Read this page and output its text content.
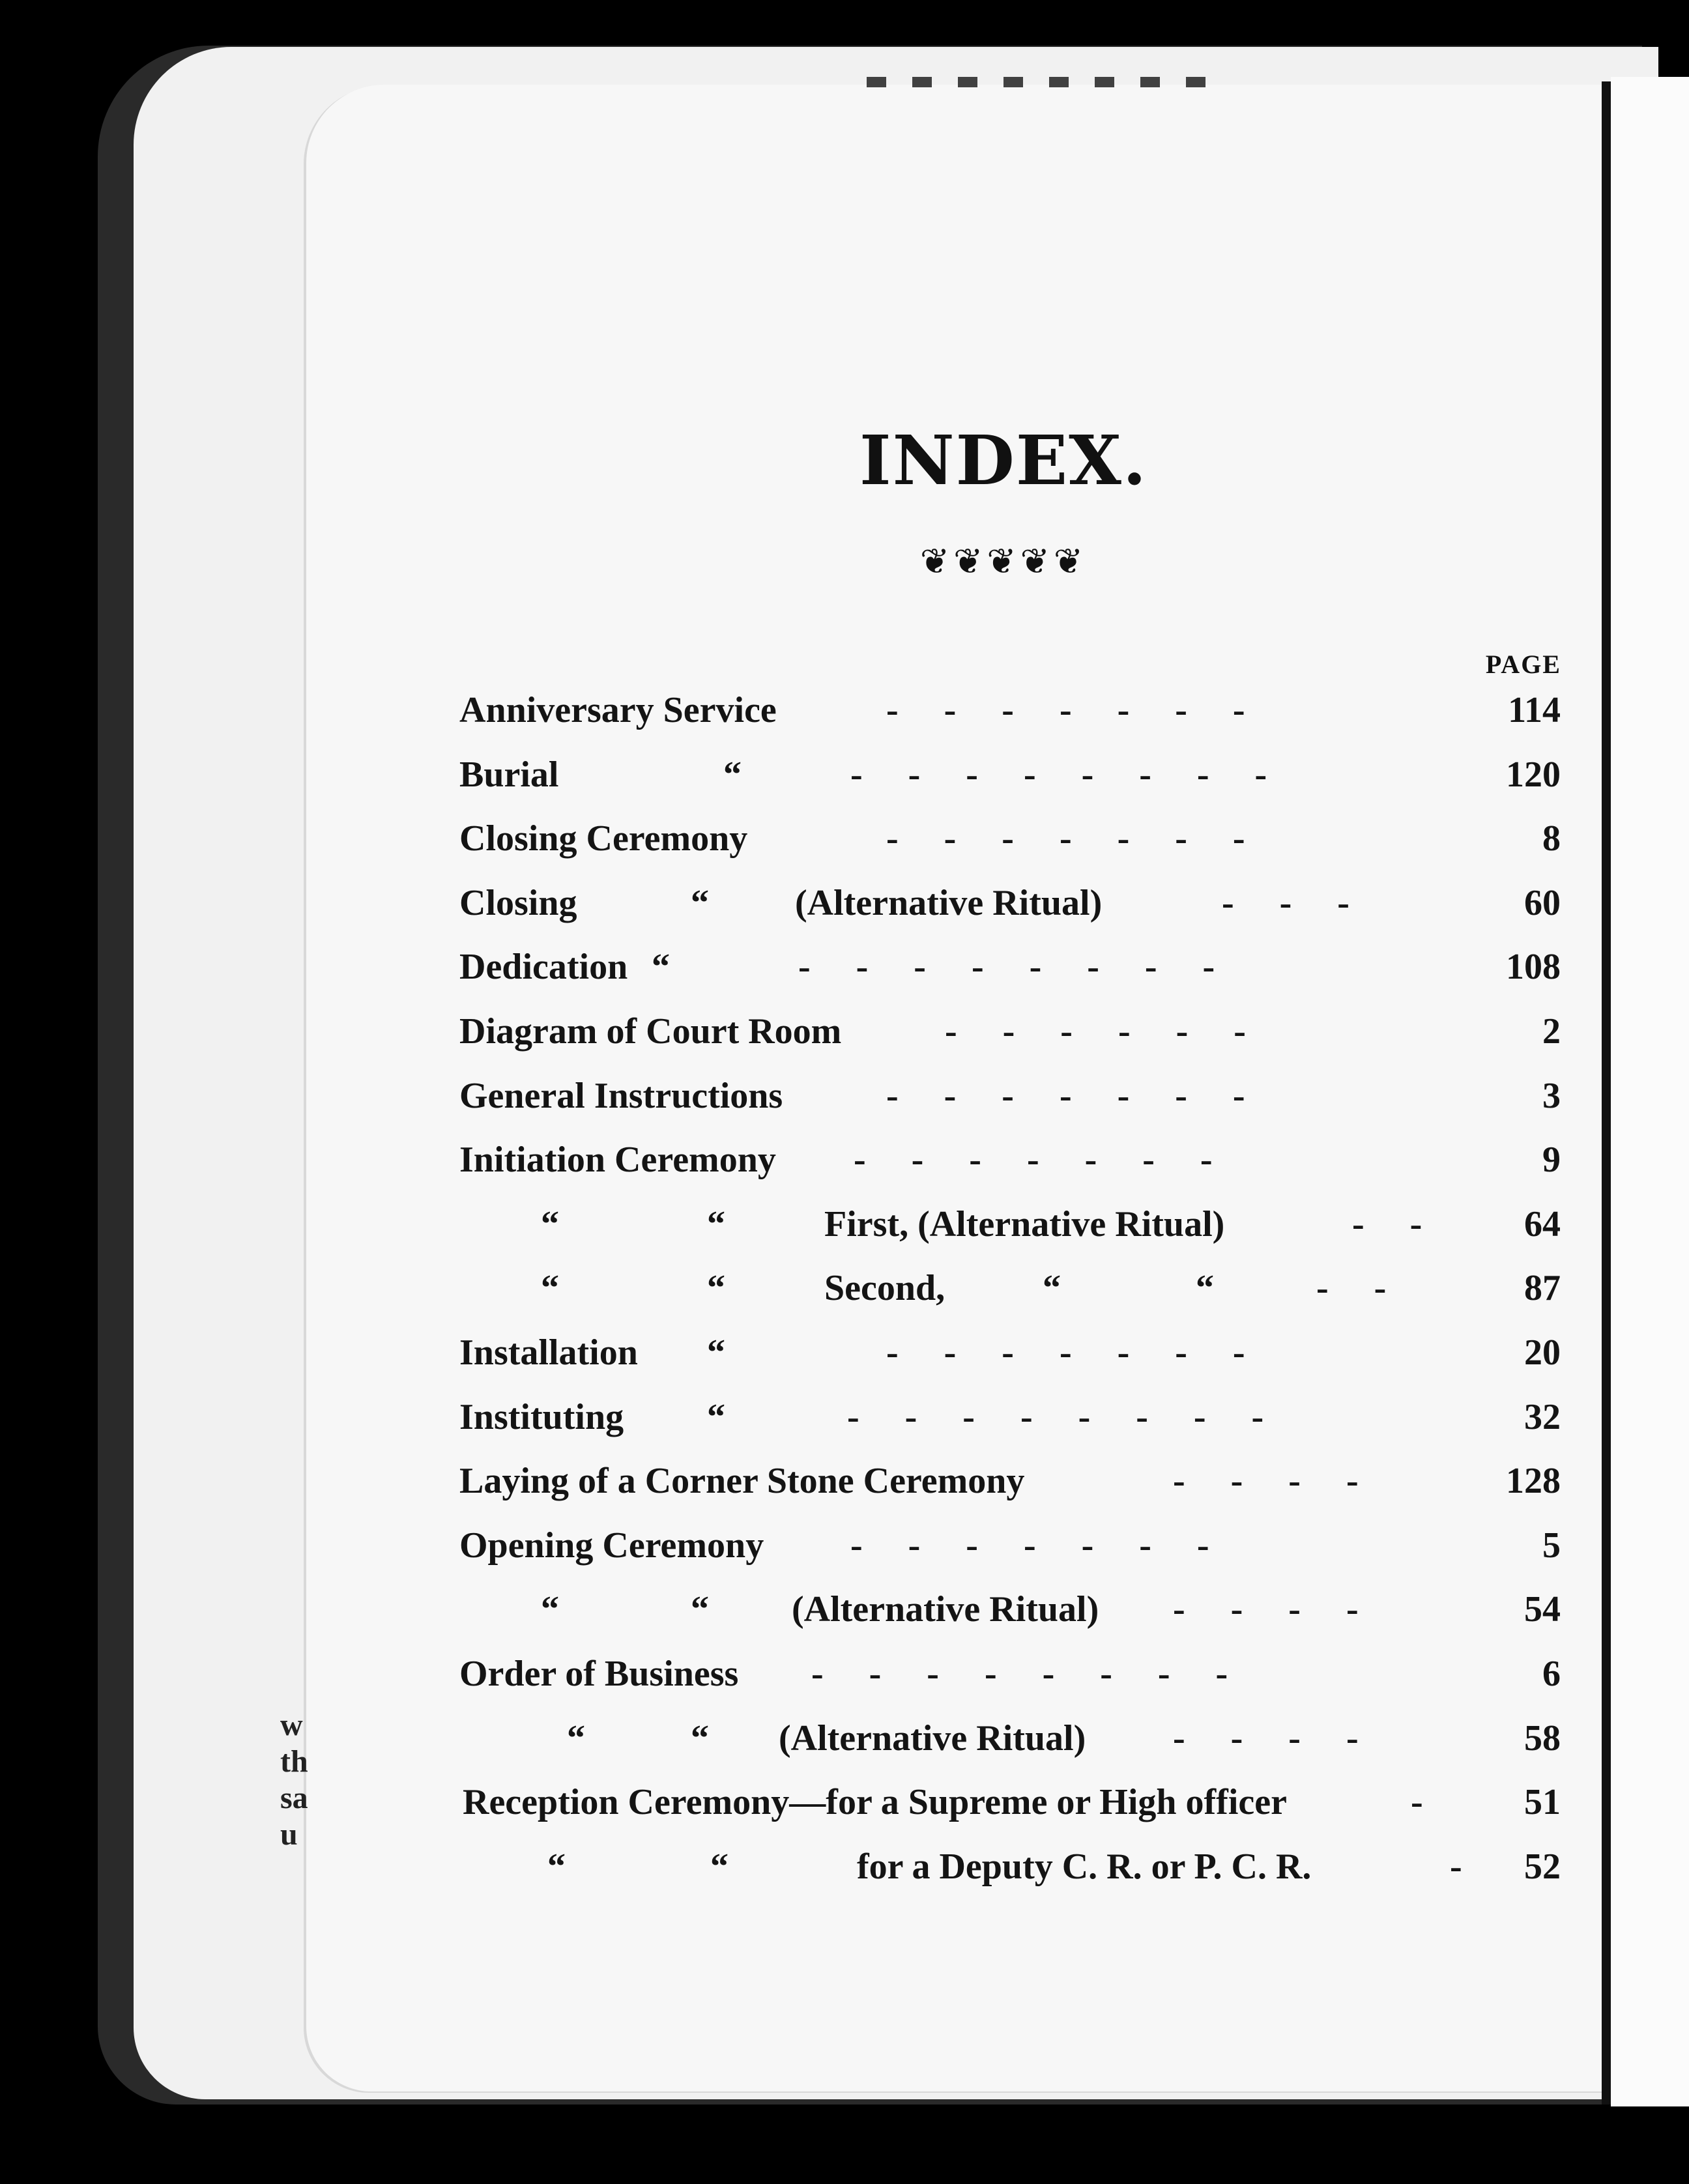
w
th
sa
u
INDEX.
❦❦❦❦❦
PAGE
Anniversary Service	-     -     -     -     -     -     -	114
Burial	“	-     -     -     -     -     -     -     -	120
Closing Ceremony	-     -     -     -     -     -     -	8
Closing	“ (Alternative Ritual)	-     -     -	60
Dedication “	-     -     -     -     -     -     -     -	108
Diagram of Court Room	-     -     -     -     -     -	2
General Instructions	-     -     -     -     -     -     -	3
Initiation Ceremony -     -     -     -     -     -     -	9
“	“	First, (Alternative Ritual)	-     -	64
“	“	Second,	“	“	-     -	87
Installation “	-     -     -     -     -     -     -	20
Instituting “	-     -     -     -     -     -     -     -	32
Laying of a Corner Stone Ceremony	-     -     -     -	128
Opening Ceremony -     -     -     -     -     -     -	5
“	“ (Alternative Ritual) -     -     -     -	54
Order of Business -     -     -     -     -     -     -     -	6
“	“ (Alternative Ritual) -     -     -     -	58
Reception Ceremony—for a Supreme or High officer	-	51
“	“	for a Deputy C. R. or P. C. R.	- 52
